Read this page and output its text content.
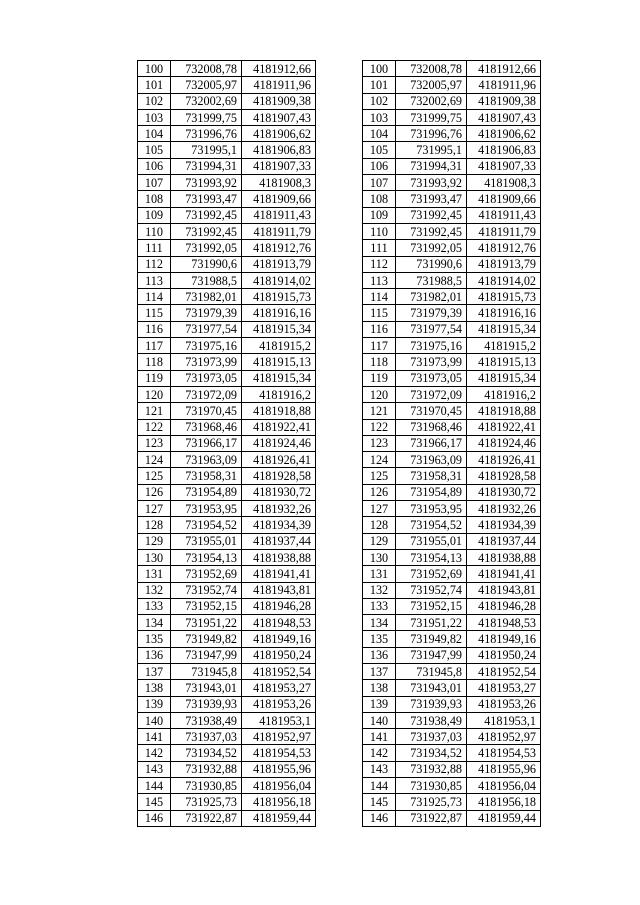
100	732008,78	4181912,66
101	732005,97	4181911,96
102	732002,69	4181909,38
103	731999,75	4181907,43
104	731996,76	4181906,62
105	731995,1	4181906,83
106	731994,31	4181907,33
107	731993,92	4181908,3
108	731993,47	4181909,66
109	731992,45	4181911,43
110	731992,45	4181911,79
111	731992,05	4181912,76
112	731990,6	4181913,79
113	731988,5	4181914,02
114	731982,01	4181915,73
115	731979,39	4181916,16
116	731977,54	4181915,34
117	731975,16	4181915,2
118	731973,99	4181915,13
119	731973,05	4181915,34
120	731972,09	4181916,2
121	731970,45	4181918,88
122	731968,46	4181922,41
123	731966,17	4181924,46
124	731963,09	4181926,41
125	731958,31	4181928,58
126	731954,89	4181930,72
127	731953,95	4181932,26
128	731954,52	4181934,39
129	731955,01	4181937,44
130	731954,13	4181938,88
131	731952,69	4181941,41
132	731952,74	4181943,81
133	731952,15	4181946,28
134	731951,22	4181948,53
135	731949,82	4181949,16
136	731947,99	4181950,24
137	731945,8	4181952,54
138	731943,01	4181953,27
139	731939,93	4181953,26
140	731938,49	4181953,1
141	731937,03	4181952,97
142	731934,52	4181954,53
143	731932,88	4181955,96
144	731930,85	4181956,04
145	731925,73	4181956,18
146	731922,87	4181959,44
100	732008,78	4181912,66
101	732005,97	4181911,96
102	732002,69	4181909,38
103	731999,75	4181907,43
104	731996,76	4181906,62
105	731995,1	4181906,83
106	731994,31	4181907,33
107	731993,92	4181908,3
108	731993,47	4181909,66
109	731992,45	4181911,43
110	731992,45	4181911,79
111	731992,05	4181912,76
112	731990,6	4181913,79
113	731988,5	4181914,02
114	731982,01	4181915,73
115	731979,39	4181916,16
116	731977,54	4181915,34
117	731975,16	4181915,2
118	731973,99	4181915,13
119	731973,05	4181915,34
120	731972,09	4181916,2
121	731970,45	4181918,88
122	731968,46	4181922,41
123	731966,17	4181924,46
124	731963,09	4181926,41
125	731958,31	4181928,58
126	731954,89	4181930,72
127	731953,95	4181932,26
128	731954,52	4181934,39
129	731955,01	4181937,44
130	731954,13	4181938,88
131	731952,69	4181941,41
132	731952,74	4181943,81
133	731952,15	4181946,28
134	731951,22	4181948,53
135	731949,82	4181949,16
136	731947,99	4181950,24
137	731945,8	4181952,54
138	731943,01	4181953,27
139	731939,93	4181953,26
140	731938,49	4181953,1
141	731937,03	4181952,97
142	731934,52	4181954,53
143	731932,88	4181955,96
144	731930,85	4181956,04
145	731925,73	4181956,18
146	731922,87	4181959,44
